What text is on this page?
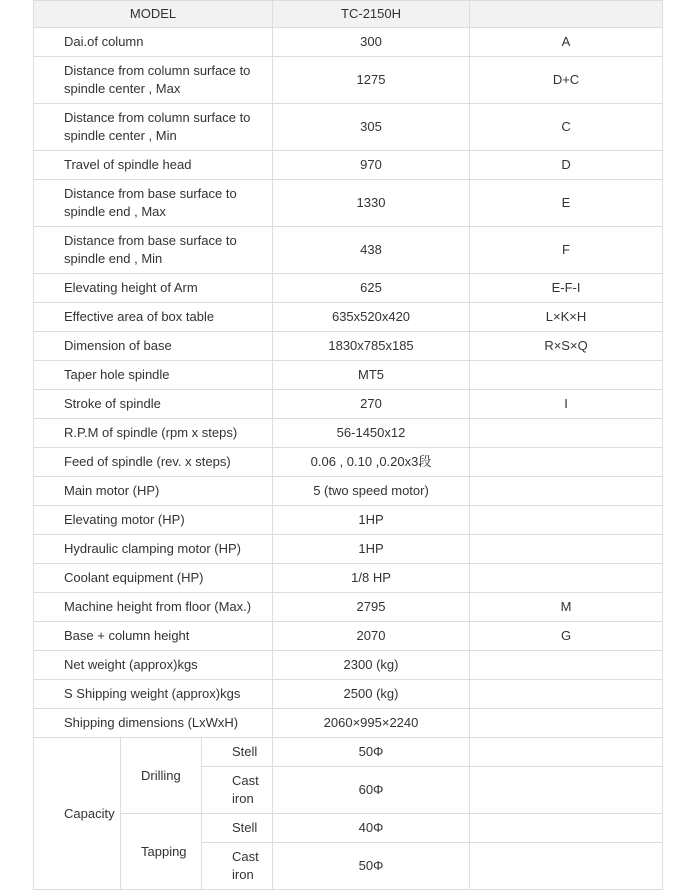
MODEL			TC-2150H	
Dai.of column			300	A
Distance from column surface to spindle center , Max			1275	D+C
Distance from column surface to spindle center , Min			305	C
Travel of spindle head			970	D
Distance from base surface to spindle end , Max			1330	E
Distance from base surface to spindle end , Min			438	F
Elevating height of Arm			625	E-F-I
Effective area of box table			635x520x420	L×K×H
Dimension of base			1830x785x185	R×S×Q
Taper hole spindle			MT5	
Stroke of spindle			270	I
R.P.M of spindle (rpm x steps)			56-1450x12	
Feed of spindle (rev. x steps)			0.06 , 0.10 ,0.20x3段	
Main motor (HP)			5 (two speed motor)	
Elevating motor (HP)			1HP	
Hydraulic clamping motor (HP)			1HP	
Coolant equipment (HP)			1/8 HP	
Machine height from floor (Max.)			2795	M
Base + column height			2070	G
Net weight (approx)kgs			2300 (kg)	
S Shipping weight (approx)kgs			2500 (kg)	
Shipping dimensions (LxWxH)			2060×995×2240	
Capacity	Drilling	Stell	50Φ	
		Cast iron	60Φ	
	Tapping	Stell	40Φ	
		Cast iron	50Φ	
